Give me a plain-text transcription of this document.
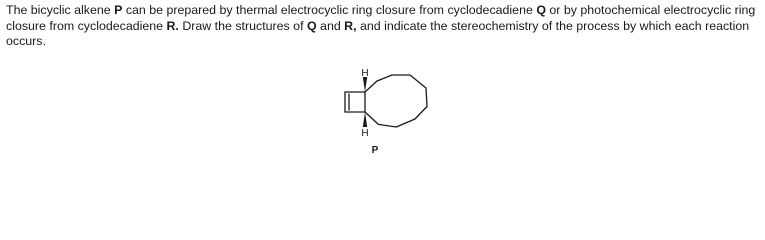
The bicyclic alkene P can be prepared by thermal electrocyclic ring closure from cyclodecadiene Q or by photochemical electrocyclic ring closure from cyclodecadiene R. Draw the structures of Q and R, and indicate the stereochemistry of the process by which each reaction occurs.

H
H
P
